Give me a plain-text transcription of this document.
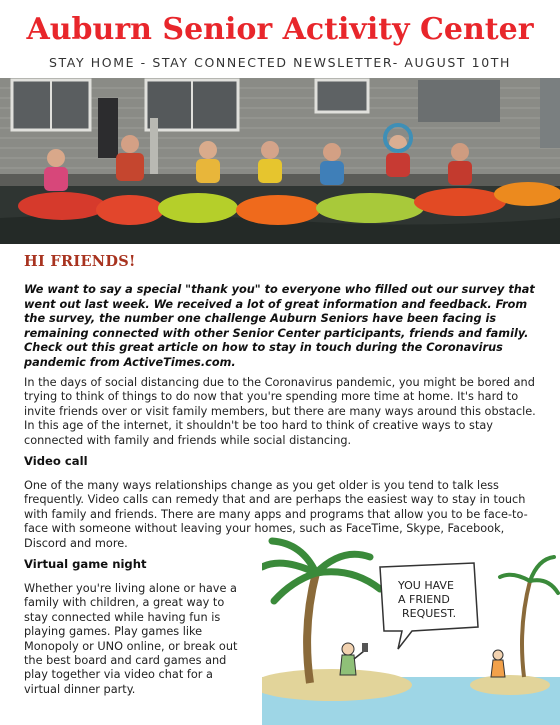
Auburn Senior Activity Center
STAY HOME - STAY CONNECTED NEWSLETTER- AUGUST 10TH
HI FRIENDS!

We want to say a special "thank you" to everyone who filled out our survey that went out last week. We received a lot of great information and feedback. From the survey, the number one challenge Auburn Seniors have been facing is remaining connected with other Senior Center participants, friends and family. Check out this great article on how to stay in touch during the Coronavirus pandemic from ActiveTimes.com.

In the days of social distancing due to the Coronavirus pandemic, you might be bored and trying to think of things to do now that you're spending more time at home. It's hard to invite friends over or visit family members, but there are many ways around this obstacle. In this age of the internet, it shouldn't be too hard to think of creative ways to stay connected with family and friends while social distancing.

Video call

One of the many ways relationships change as you get older is you tend to talk less frequently. Video calls can remedy that and are perhaps the easiest way to stay in touch with family and friends. There are many apps and programs that allow you to be face-to-face with someone without leaving your homes, such as FaceTime, Skype, Facebook, Discord and more.

Virtual game night

Whether you're living alone or have a family with children, a great way to stay connected while having fun is playing games. Play games like Monopoly or UNO online, or break out the best board and card games and play together via video chat for a virtual dinner party.

YOU HAVE
A FRIEND
REQUEST.
